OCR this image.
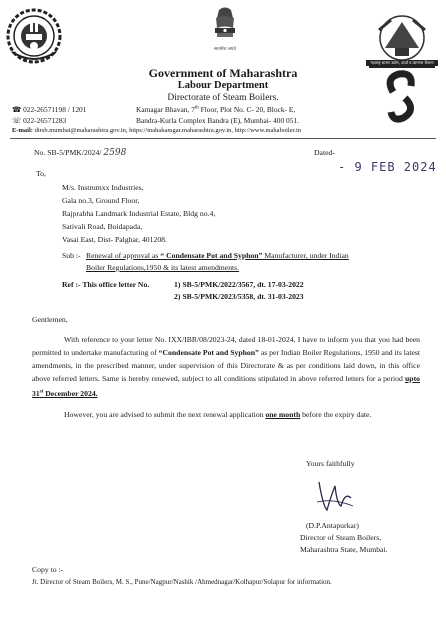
सत्यमेव जयते
महाराष्ट्र शासन उद्योग, ऊर्जा व कामगार विभाग
Government of Maharashtra
Labour Department
Directorate of Steam Boilers.
☎ 022-26571198 / 1201
☏ 022-26571283
Kamagar Bhavan, 7th Floor, Plot No. C- 20, Block- E,
Bandra-Kurla Complex Bandra (E), Mumbai- 400 051.
E-mail: dirsb.mumbai@maharashtra.gov.in, https://mahakamgar.maharashtra.gov.in, http://www.mahaboiler.in
No. SB-5/PMK/2024/ 2598	Dated-
- 9 FEB 2024
To,
M/s. Instrumxx Industries,
Gala no.3, Ground Floor,
Rajprabha Landmark Industrial Estate, Bldg no.4,
Sativali Road, Boidapada,
Vasai East, Dist- Palghar, 401208.
Sub :- Renewal of approval as “ Condensate Pot and Syphon” Manufacturer, under Indian
Boiler Regulations,1950 & its latest amendments.
Ref :- This office letter No.	1) SB-5/PMK/2022/3567, dt. 17-03-2022
2) SB-5/PMK/2023/5358, dt. 31-03-2023
Gentlemen,
With reference to your letter No. IXX/IBR/08/2023-24, dated 18-01-2024, I have to inform you that you had been permitted to undertake manufacturing of “Condensate Pot and Syphon” as per Indian Boiler Regulations, 1950 and its latest amendments, in the prescribed manner, under supervision of this Directorate & as per conditions laid down, in this office above referred letters. Same is hereby renewed, subject to all conditions stipulated in above referred letters for a period upto 31st December 2024.
However, you are advised to submit the next renewal application one month before the expiry date.
Yours faithfully
(D.P.Antapurkar)
Director of Steam Boilers,
Maharashtra State, Mumbai.
Copy to :-
Jt. Director of Steam Boilers, M. S., Pune/Nagpur/Nashik /Ahmednagar/Kolhapur/Solapur for information.
